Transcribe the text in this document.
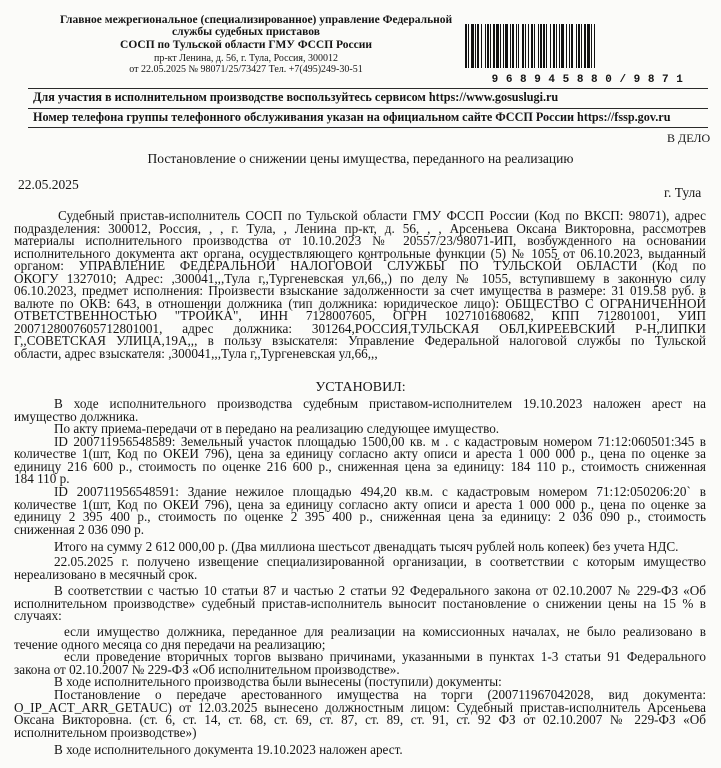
Главное межрегиональное (специализированное) управление Федеральной
службы судебных приставов
СОСП по Тульской области ГМУ ФССП России
пр-кт Ленина, д. 56, г. Тула, Россия, 300012
от 22.05.2025 № 98071/25/73427 Тел. +7(495)249-30-51
9 6 8 9 4 5 8 8 0 / 9 8 7 1
Для участия в исполнительном производстве воспользуйтесь сервисом https://www.gosuslugi.ru
Номер телефона группы телефонного обслуживания указан на официальном сайте ФССП России https://fssp.gov.ru
В ДЕЛО
Постановление о снижении цены имущества, переданного на реализацию
22.05.2025
г. Тула
Судебный пристав-исполнитель СОСП по Тульской области ГМУ ФССП России (Код по ВКСП: 98071), адрес
подразделения: 300012, Россия, , , г. Тула, , Ленина пр-кт, д. 56, , , Арсеньева Оксана Викторовна, рассмотрев
материалы исполнительного производства от 10.10.2023 № 20557/23/98071-ИП, возбужденного на основании
исполнительного документа акт органа, осуществляющего контрольные функции (5) № 1055 от 06.10.2023, выданный
органом: УПРАВЛЕНИЕ ФЕДЕРАЛЬНОЙ НАЛОГОВОЙ СЛУЖБЫ ПО ТУЛЬСКОЙ ОБЛАСТИ (Код по
ОКОГУ 1327010; Адрес: ,300041,,,Тула г,,Тургеневская ул,66,,) по делу № 1055, вступившему в законную силу
06.10.2023, предмет исполнения: Произвести взыскание задолженности за счет имущества в размере: 31 019.58 руб. в
валюте по ОКВ: 643, в отношении должника (тип должника: юридическое лицо): ОБЩЕСТВО С ОГРАНИЧЕННОЙ
ОТВЕТСТВЕННОСТЬЮ "ТРОЙКА", ИНН 7128007605, ОГРН 1027101680682, КПП 712801001, УИП
2007128007605712801001, адрес должника: 301264,РОССИЯ,ТУЛЬСКАЯ ОБЛ,КИРЕЕВСКИЙ Р-Н,ЛИПКИ
Г,,СОВЕТСКАЯ УЛИЦА,19А,,, в пользу взыскателя: Управление Федеральной налоговой службы по Тульской
области, адрес взыскателя: ,300041,,,Тула г,,Тургеневская ул,66,,,
УСТАНОВИЛ:
В ходе исполнительного производства судебным приставом-исполнителем 19.10.2023 наложен арест на
имущество должника.
По акту приема-передачи от в передано на реализацию следующее имущество.
ID 200711956548589: Земельный участок площадью 1500,00 кв. м . с кадастровым номером 71:12:060501:345 в
количестве 1(шт, Код по ОКЕИ 796), цена за единицу согласно акту описи и ареста 1 000 000 р., цена по оценке за
единицу 216 600 р., стоимость по оценке 216 600 р., сниженная цена за единицу: 184 110 р., стоимость сниженная
184 110 р.
ID 200711956548591: Здание нежилое площадью 494,20 кв.м. с кадастровым номером 71:12:050206:20` в
количестве 1(шт, Код по ОКЕИ 796), цена за единицу согласно акту описи и ареста 1 000 000 р., цена по оценке за
единицу 2 395 400 р., стоимость по оценке 2 395 400 р., сниженная цена за единицу: 2 036 090 р., стоимость
сниженная 2 036 090 р.
Итого на сумму 2 612 000,00 р. (Два миллиона шестьсот двенадцать тысяч рублей ноль копеек) без учета НДС.
22.05.2025 г. получено извещение специализированной организации, в соответствии с которым имущество
нереализовано в месячный срок.
В соответствии с частью 10 статьи 87 и частью 2 статьи 92 Федерального закона от 02.10.2007 № 229-ФЗ «Об
исполнительном производстве» судебный пристав-исполнитель выносит постановление о снижении цены на 15 % в
случаях:
если имущество должника, переданное для реализации на комиссионных началах, не было реализовано в
течение одного месяца со дня передачи на реализацию;
если проведение вторичных торгов вызвано причинами, указанными в пунктах 1-3 статьи 91 Федерального
закона от 02.10.2007 № 229-ФЗ «Об исполнительном производстве».
В ходе исполнительного производства были вынесены (поступили) документы:
Постановление о передаче арестованного имущества на торги (200711967042028, вид документа:
O_IP_ACT_ARR_GETAUC) от 12.03.2025 вынесено должностным лицом: Судебный пристав-исполнитель Арсеньева
Оксана Викторовна. (ст. 6, ст. 14, ст. 68, ст. 69, ст. 87, ст. 89, ст. 91, ст. 92 ФЗ от 02.10.2007 № 229-ФЗ «Об
исполнительном производстве»)
В ходе исполнительного документа 19.10.2023 наложен арест.
